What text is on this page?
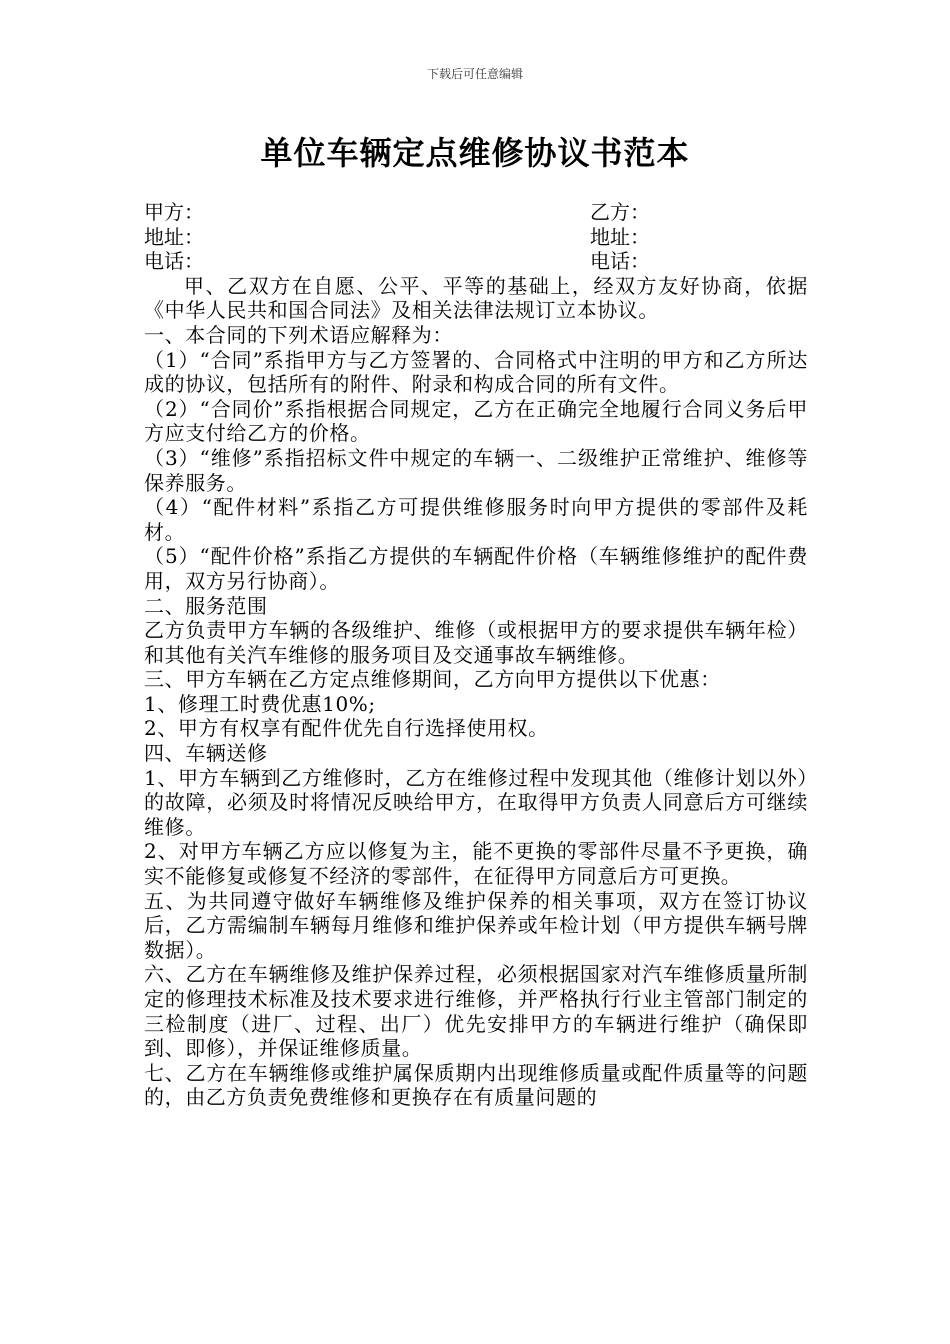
下载后可任意编辑
单位车辆定点维修协议书范本
甲方：	乙方：
地址：	地址：
电话：	电话：
甲、乙双方在自愿、公平、平等的基础上，经双方友好协商，依据《中华人民共和国合同法》及相关法律法规订立本协议。
一、本合同的下列术语应解释为：
（1）“合同”系指甲方与乙方签署的、合同格式中注明的甲方和乙方所达成的协议，包括所有的附件、附录和构成合同的所有文件。
（2）“合同价”系指根据合同规定，乙方在正确完全地履行合同义务后甲方应支付给乙方的价格。
（3）“维修”系指招标文件中规定的车辆一、二级维护正常维护、维修等保养服务。
（4）“配件材料”系指乙方可提供维修服务时向甲方提供的零部件及耗材。
（5）“配件价格”系指乙方提供的车辆配件价格（车辆维修维护的配件费用，双方另行协商）。
二、服务范围
乙方负责甲方车辆的各级维护、维修（或根据甲方的要求提供车辆年检）和其他有关汽车维修的服务项目及交通事故车辆维修。
三、甲方车辆在乙方定点维修期间，乙方向甲方提供以下优惠：
1、修理工时费优惠10%;
2、甲方有权享有配件优先自行选择使用权。
四、车辆送修
1、甲方车辆到乙方维修时，乙方在维修过程中发现其他（维修计划以外）的故障，必须及时将情况反映给甲方，在取得甲方负责人同意后方可继续维修。
2、对甲方车辆乙方应以修复为主，能不更换的零部件尽量不予更换，确实不能修复或修复不经济的零部件，在征得甲方同意后方可更换。
五、为共同遵守做好车辆维修及维护保养的相关事项，双方在签订协议后，乙方需编制车辆每月维修和维护保养或年检计划（甲方提供车辆号牌数据）。
六、乙方在车辆维修及维护保养过程，必须根据国家对汽车维修质量所制定的修理技术标准及技术要求进行维修，并严格执行行业主管部门制定的三检制度（进厂、过程、出厂）优先安排甲方的车辆进行维护（确保即到、即修），并保证维修质量。
七、乙方在车辆维修或维护属保质期内出现维修质量或配件质量等的问题的，由乙方负责免费维修和更换存在有质量问题的
